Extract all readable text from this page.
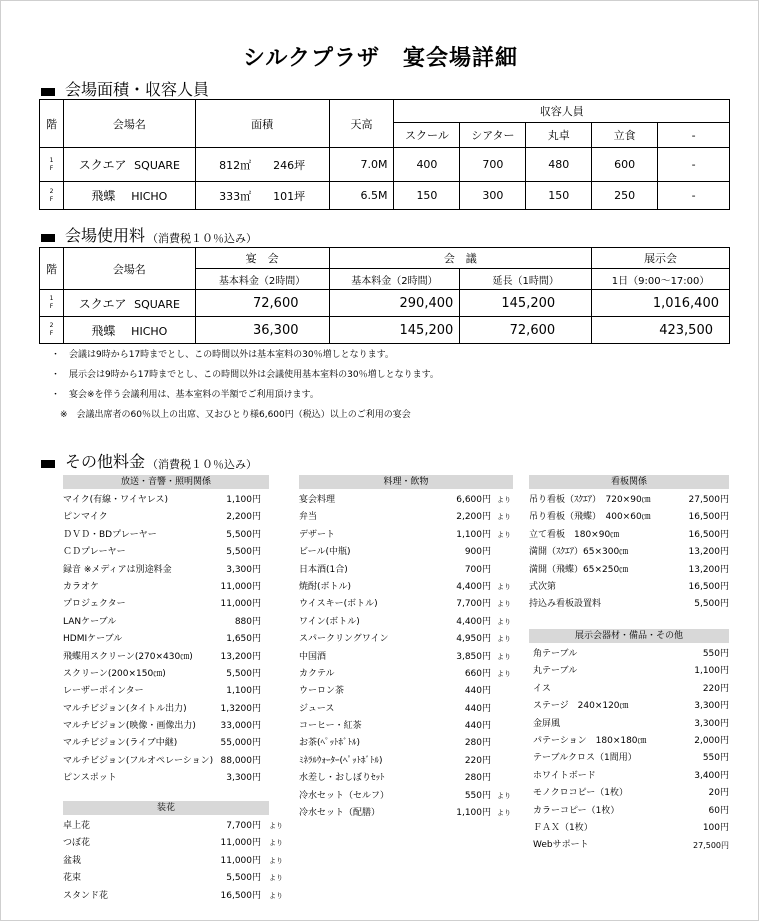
シルクプラザ　宴会場詳細
会場面積・収容人員
階	会場名	面積	天高	収容人員				
				スクール	シアター	丸卓	立食	-

1
F	スクエア SQUARE	812㎡   246坪	7.0M	400	700	480	600	-

2
F	飛蝶  HICHO	333㎡   101坪	6.5M	150	300	150	250	-
会場使用料 （消費税１０％込み）
階	会場名	宴　会	会　議		展示会
		基本料金（2時間）	基本料金（2時間）	延長（1時間）	1日（9:00～17:00）

1
F	スクエア SQUARE	72,600	290,400	145,200	1,016,400

2
F	飛蝶  HICHO	36,300	145,200	72,600	423,500
・　会議は9時から17時までとし、この時間以外は基本室料の30％増しとなります。
・　展示会は9時から17時までとし、この時間以外は会議使用基本室料の30％増しとなります。
・　宴会※を伴う会議利用は、基本室料の半額でご利用頂けます。
　※　会議出席者の60％以上の出席、又おひとり様6,600円（税込）以上のご利用の宴会
その他料金 （消費税１０％込み）
放送・音響・照明関係
マイク(有線・ワイヤレス)	1,100円
ピンマイク	2,200円
ＤＶＤ・BDプレーヤー	5,500円
ＣＤプレーヤー	5,500円
録音 ※メディアは別途料金	3,300円
カラオケ	11,000円
プロジェクター	11,000円
LANケーブル	880円
HDMIケーブル	1,650円
飛蝶用スクリーン(270×430㎝)	13,200円
スクリーン(200×150㎝)	5,500円
レーザーポインター	1,100円
マルチビジョン(タイトル出力)	1,3200円
マルチビジョン(映像・画像出力)	33,000円
マルチビジョン(ライブ中継)	55,000円
マルチビジョン(フルオペレーション) 88,000円
ピンスポット	3,300円
装花
卓上花	7,700円 より
つぼ花	11,000円 より
盆栽	11,000円 より
花束	5,500円 より
スタンド花	16,500円 より
料理・飲物
宴会料理	6,600円 より
弁当	2,200円 より
デザート	1,100円 より
ビール(中瓶)	900円
日本酒(1合)	700円
焼酎(ボトル)	4,400円 より
ウイスキー(ボトル)	7,700円 より
ワイン(ボトル)	4,400円 より
スパークリングワイン	4,950円 より
中国酒	3,850円 より
カクテル	660円 より
ウーロン茶	440円
ジュース	440円
コーヒー・紅茶	440円
お茶(ﾍﾟｯﾄﾎﾞﾄﾙ)	280円
ﾐﾈﾗﾙｳｫｰﾀｰ(ﾍﾟｯﾄﾎﾞﾄﾙ)	220円
水差し・おしぼりｾｯﾄ	280円
冷水セット（セルフ）	550円 より
冷水セット（配膳）	1,100円 より
看板関係
吊り看板（ｽｸｴｱ）　720×90㎝	27,500円
吊り看板（飛蝶）　400×60㎝	16,500円
立て看板　180×90㎝	16,500円
満開（ｽｸｴｱ）65×300㎝	13,200円
満開（飛蝶）65×250㎝	13,200円
式次第	16,500円
持込み看板設置料	5,500円
展示会器材・備品・その他
角テーブル	550円
丸テーブル	1,100円
イス	220円
ステージ　240×120㎝	3,300円
金屏風	3,300円
パテーション　180×180㎝	2,000円
テーブルクロス（1間用）	550円
ホワイトボード	3,400円
モノクロコピー（1枚）	20円
カラーコピー（1枚）	60円
ＦＡＸ（1枚）	100円
Webサポート	27,500円
